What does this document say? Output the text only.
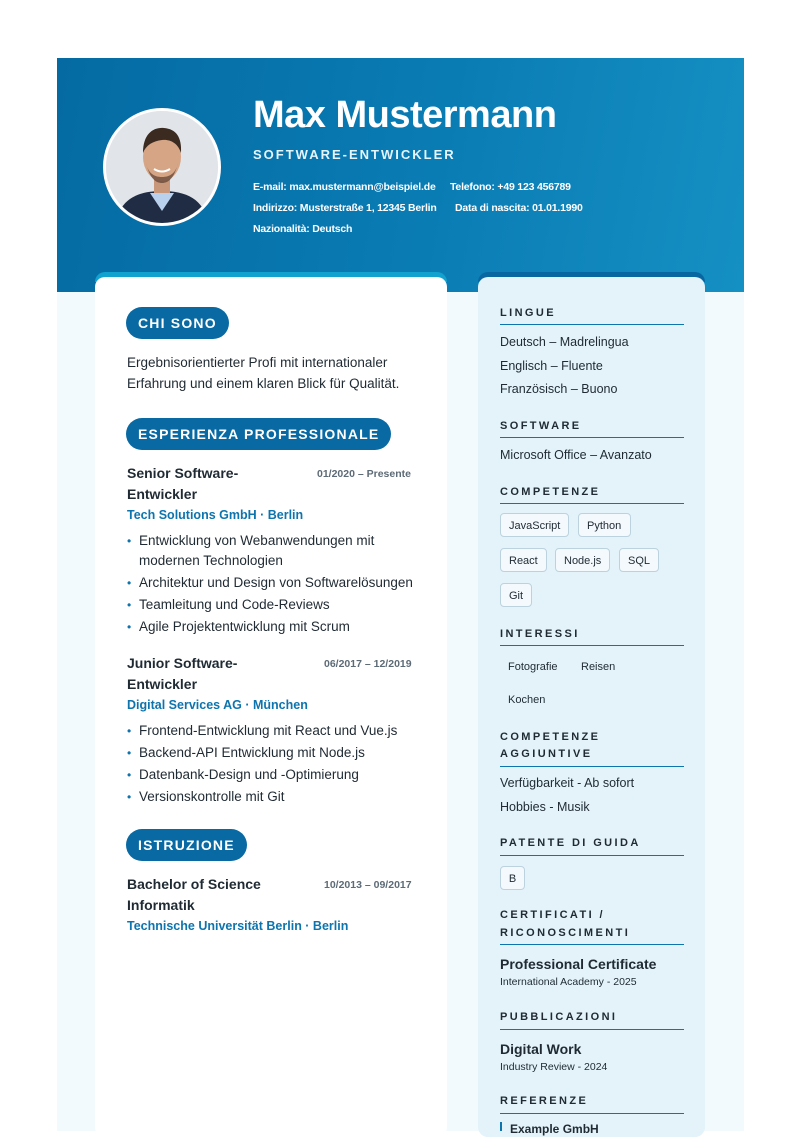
Max Mustermann
SOFTWARE-ENTWICKLER
E-mail: max.mustermann@beispiel.de Telefono: +49 123 456789
Indirizzo: Musterstraße 1, 12345 Berlin Data di nascita: 01.01.1990
Nazionalità: Deutsch
CHI SONO
Ergebnisorientierter Profi mit internationaler
Erfahrung und einem klaren Blick für Qualität.
ESPERIENZA PROFESSIONALE
Senior Software-
Entwickler
01/2020 – Presente
Tech Solutions GmbH · Berlin
• Entwicklung von Webanwendungen mit modernen Technologien
• Architektur und Design von Softwarelösungen
• Teamleitung und Code-Reviews
• Agile Projektentwicklung mit Scrum
Junior Software-
Entwickler
06/2017 – 12/2019
Digital Services AG · München
• Frontend-Entwicklung mit React und Vue.js
• Backend-API Entwicklung mit Node.js
• Datenbank-Design und -Optimierung
• Versionskontrolle mit Git
ISTRUZIONE
Bachelor of Science
Informatik
10/2013 – 09/2017
Technische Universität Berlin · Berlin
LINGUE
Deutsch – Madrelingua
Englisch – Fluente
Französisch – Buono
SOFTWARE
Microsoft Office – Avanzato
COMPETENZE
JavaScript	Python
React	Node.js	SQL
Git
INTERESSI
Fotografie Reisen
Kochen
COMPETENZE
AGGIUNTIVE
Verfügbarkeit - Ab sofort
Hobbies - Musik
PATENTE DI GUIDA
B
CERTIFICATI /
RICONOSCIMENTI
Professional Certificate
International Academy - 2025
PUBBLICAZIONI
Digital Work
Industry Review - 2024
REFERENZE
Example GmbH
